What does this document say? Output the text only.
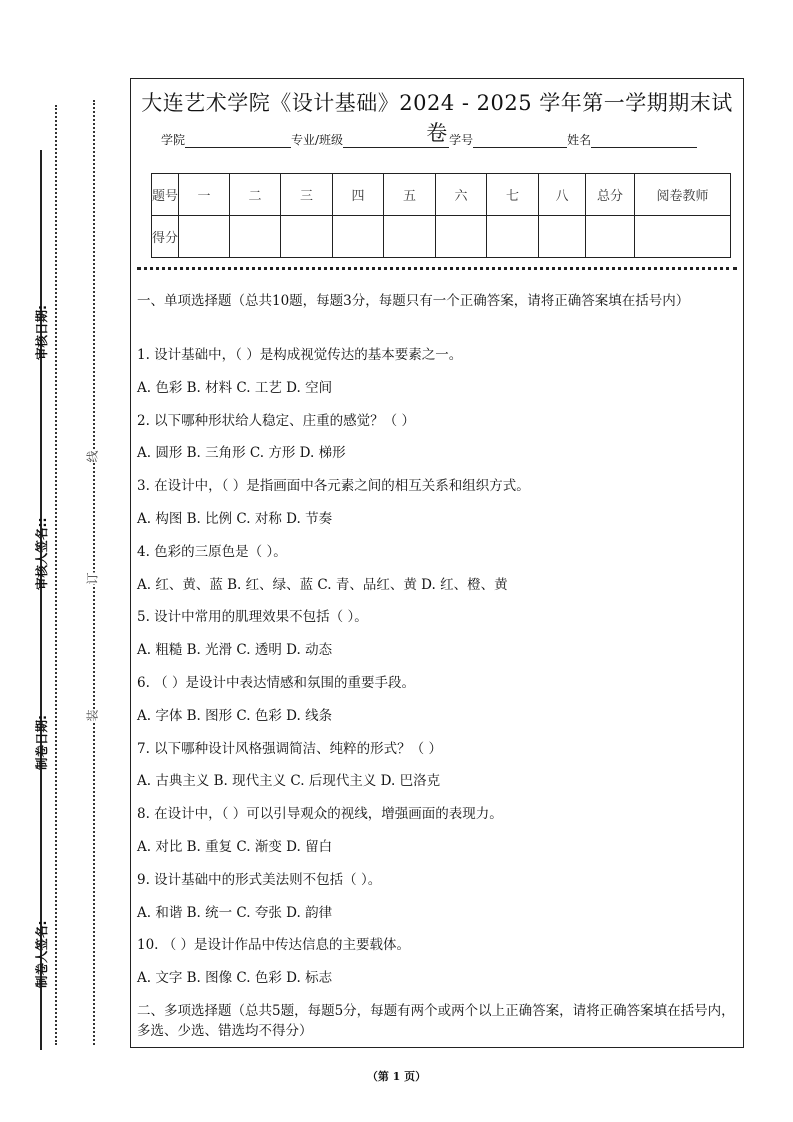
审核日期:
审核人签名::
制卷日期:
制卷人签名:
线
订
装
大连艺术学院《设计基础》2024 - 2025 学年第一学期期末试卷
学院	专业/班级	学号	姓名
题号	一	二	三	四	五	六	七	八	总分	阅卷教师
得分										
一、单项选择题（总共10题，每题3分，每题只有一个正确答案，请将正确答案填在括号内）
1. 设计基础中，（ ）是构成视觉传达的基本要素之一。
A. 色彩 B. 材料 C. 工艺 D. 空间
2. 以下哪种形状给人稳定、庄重的感觉？（ ）
A. 圆形 B. 三角形 C. 方形 D. 梯形
3. 在设计中，（ ）是指画面中各元素之间的相互关系和组织方式。
A. 构图 B. 比例 C. 对称 D. 节奏
4. 色彩的三原色是（ ）。
A. 红、黄、蓝 B. 红、绿、蓝 C. 青、品红、黄 D. 红、橙、黄
5. 设计中常用的肌理效果不包括（ ）。
A. 粗糙 B. 光滑 C. 透明 D. 动态
6. （ ）是设计中表达情感和氛围的重要手段。
A. 字体 B. 图形 C. 色彩 D. 线条
7. 以下哪种设计风格强调简洁、纯粹的形式？（ ）
A. 古典主义 B. 现代主义 C. 后现代主义 D. 巴洛克
8. 在设计中，（ ）可以引导观众的视线，增强画面的表现力。
A. 对比 B. 重复 C. 渐变 D. 留白
9. 设计基础中的形式美法则不包括（ ）。
A. 和谐 B. 统一 C. 夸张 D. 韵律
10. （ ）是设计作品中传达信息的主要载体。
A. 文字 B. 图像 C. 色彩 D. 标志
二、多项选择题（总共5题，每题5分，每题有两个或两个以上正确答案，请将正确答案填在括号内，多选、少选、错选均不得分）
（第 1 页）
